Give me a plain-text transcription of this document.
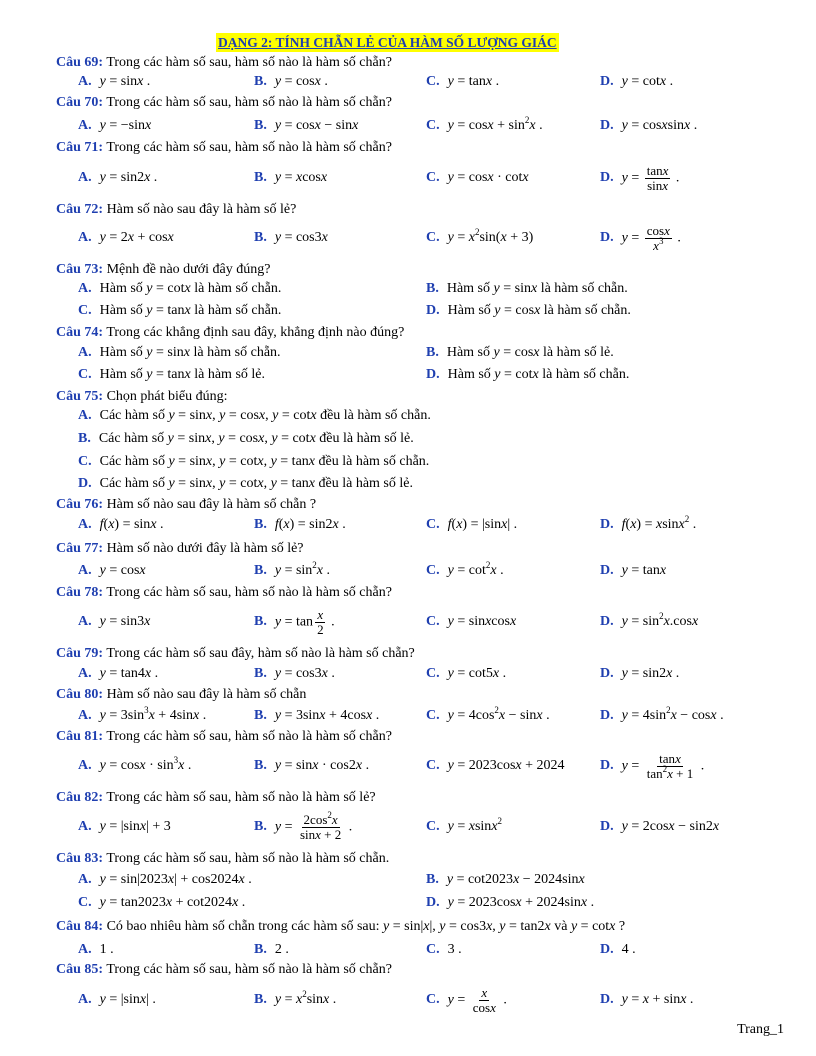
DẠNG 2: TÍNH CHẴN LẺ CỦA HÀM SỐ LƯỢNG GIÁC
Câu 69: Trong các hàm số sau, hàm số nào là hàm số chẵn?
A. y = sinx .	B. y = cosx .	C. y = tanx .	D. y = cotx .
Câu 70: Trong các hàm số sau, hàm số nào là hàm số chẵn?
A. y = −sinx	B. y = cosx − sinx	C. $y = \cos x + \sin^2x$ .	D. y = cosxsinx .
Câu 71: Trong các hàm số sau, hàm số nào là hàm số chẵn?
A. y = sin2x .	B. y = xcosx	C. y = cosx · cotx	D. $y = \frac{\tan x}{\sin x}$ .
Câu 72: Hàm số nào sau đây là hàm số lẻ?
A. y = 2x + cosx	B. y = cos3x	C. $y = x^2\sin(x + 3)$	D. $y = \frac{\cos x}{x^3}$ .
Câu 73: Mệnh đề nào dưới đây đúng?
A. Hàm số
y = cotx
là hàm số chẵn.	B. Hàm số
y = sinx
là hàm số chẵn.
C. Hàm số
y = tanx
là hàm số chẵn.	D. Hàm số
y = cosx
là hàm số chẵn.
Câu 74: Trong các khẳng định sau đây, khẳng định nào đúng?
A. Hàm số
y = sinx
là hàm số chẵn.	B. Hàm số
y = cosx
là hàm số lẻ.
C. Hàm số
y = tanx
là hàm số lẻ.	D. Hàm số
y = cotx
là hàm số chẵn.
Câu 75: Chọn phát biểu đúng:
A. Các hàm số
y = sinx, y = cosx, y = cotx
đều là hàm số chẵn.
B. Các hàm số
y = sinx, y = cosx, y = cotx
đều là hàm số lẻ.
C. Các hàm số
y = sinx, y = cotx, y = tanx
đều là hàm số chẵn.
D. Các hàm số
y = sinx, y = cotx, y = tanx
đều là hàm số lẻ.
Câu 76: Hàm số nào sau đây là hàm số chẵn ?
A. f(x) = sinx .	B. f(x) = sin2x .	C. f(x) = |sinx| .	D. f(x) = xsinx$^2$ .
Câu 77: Hàm số nào dưới đây là hàm số lẻ?
A. y = cosx	B. $y = \sin^2x$ .	C. $y = \cot^2x$ .	D. y = tanx
Câu 78: Trong các hàm số sau, hàm số nào là hàm số chẵn?
A. y = sin3x	B. $y = \tan \frac{x}{2}$ .	C. y = sinxcosx	D. $y = \sin^2x.\cos x$
Câu 79: Trong các hàm số sau đây, hàm số nào là hàm số chẵn?
A. y = tan4x .	B. y = cos3x .	C. y = cot5x .	D. y = sin2x .
Câu 80: Hàm số nào sau đây là hàm số chẵn
A. $y = 3\sin^3x + 4\sin x$ .	B. y = 3sinx + 4cosx .	C. $y = 4\cos^2x - \sin x$ .	D. $y = 4\sin^2x - \cos x$ .
Câu 81: Trong các hàm số sau, hàm số nào là hàm số chẵn?
A. $y = \cos x \cdot \sin^3x$ .	B. y = sinx · cos2x .	C. y = 2023cosx + 2024	D. $y = \frac{\tan x}{\tan^2x + 1}$ .
Câu 82: Trong các hàm số sau, hàm số nào là hàm số lẻ?
A. y = |sinx| + 3	B. $y = \frac{2\cos^2x}{\sin x + 2}$ .	C. y = xsinx$^2$	D. y = 2cosx − sin2x
Câu 83: Trong các hàm số sau, hàm số nào là hàm số chẵn.
A. y = sin|2023x| + cos2024x .	B. y = cot2023x − 2024sinx
C. y = tan2023x + cot2024x .	D. y = 2023cosx + 2024sinx .
Câu 84: Có bao nhiêu hàm số chẵn trong các hàm số sau: y = sin|x|, y = cos3x, y = tan2x và y = cotx ?
A. 1 .	B. 2 .	C. 3 .	D. 4 .
Câu 85: Trong các hàm số sau, hàm số nào là hàm số chẵn?
A. y = |sinx| .	B. $y = x^2\sin x$ .	C. $y = \frac{x}{\cos x}$ .	D. y = x + sinx .
Trang_1
